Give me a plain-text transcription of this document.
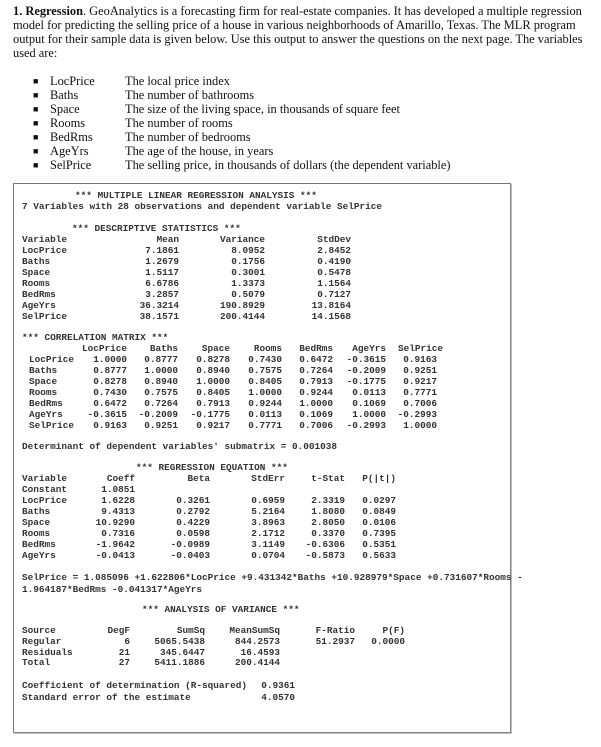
1. Regression. GeoAnalytics is a forecasting firm for real-estate companies. It has developed a multiple regression model for predicting the selling price of a house in various neighborhoods of Amarillo, Texas. The MLR program output for their sample data is given below. Use this output to answer the questions on the next page. The variables used are:
■ LocPrice The local price index
■ Baths	The number of bathrooms
■ Space	The size of the living space, in thousands of square feet
■ Rooms	The number of rooms
■ BedRms	The number of bedrooms
■ AgeYrs	The age of the house, in years
■ SelPrice	The selling price, in thousands of dollars (the dependent variable)
*** MULTIPLE LINEAR REGRESSION ANALYSIS ***
7 Variables with 28 observations and dependent variable SelPrice
*** DESCRIPTIVE STATISTICS ***
Variable	Mean	Variance	StdDev
LocPrice	7.1861	8.0952	2.8452
Baths	1.2679	0.1756	0.4190
Space	1.5117	0.3001	0.5478
Rooms	6.6786	1.3373	1.1564
BedRms	3.2857	0.5079	0.7127
AgeYrs	36.3214	190.8929	13.8164
SelPrice	38.1571	200.4144	14.1568
*** CORRELATION MATRIX ***
LocPrice	Baths	Space	Rooms	BedRms	AgeYrs	SelPrice
LocPrice	1.0000	0.8777	0.8278	0.7430	0.6472	-0.3615	0.9163
Baths	0.8777	1.0000	0.8940	0.7575	0.7264	-0.2009	0.9251
Space	0.8278	0.8940	1.0000	0.8405	0.7913	-0.1775	0.9217
Rooms	0.7430	0.7575	0.8405	1.0000	0.9244	0.0113	0.7771
BedRms	0.6472	0.7264	0.7913	0.9244	1.0000	0.1069	0.7006
AgeYrs	-0.3615	-0.2009	-0.1775	0.0113	0.1069	1.0000	-0.2993
SelPrice	0.9163	0.9251	0.9217	0.7771	0.7006	-0.2993	1.0000
Determinant of dependent variables' submatrix = 0.001038
*** REGRESSION EQUATION ***
Variable	Coeff	Beta	StdErr	t-Stat	P(|t|)
Constant	1.0851
LocPrice	1.6228	0.3261	0.6959	2.3319	0.0297
Baths	9.4313	0.2792	5.2164	1.8080	0.0849
Space	10.9290	0.4229	3.8963	2.8050	0.0106
Rooms	0.7316	0.0598	2.1712	0.3370	0.7395
BedRms	-1.9642	-0.0989	3.1149	-0.6306	0.5351
AgeYrs	-0.0413	-0.0403	0.0704	-0.5873	0.5633
SelPrice = 1.085096 +1.622806*LocPrice +9.431342*Baths +10.928979*Space +0.731607*Rooms -
1.964187*BedRms -0.041317*AgeYrs
*** ANALYSIS OF VARIANCE ***
Source	DegF	SumSq	MeanSumSq	F-Ratio	P(F)
Regular	6	5065.5438	844.2573	51.2937	0.0000
Residuals	21	345.6447	16.4593
Total	27	5411.1886	200.4144
Coefficient of determination (R-squared)	0.9361
Standard error of the estimate	4.0570
